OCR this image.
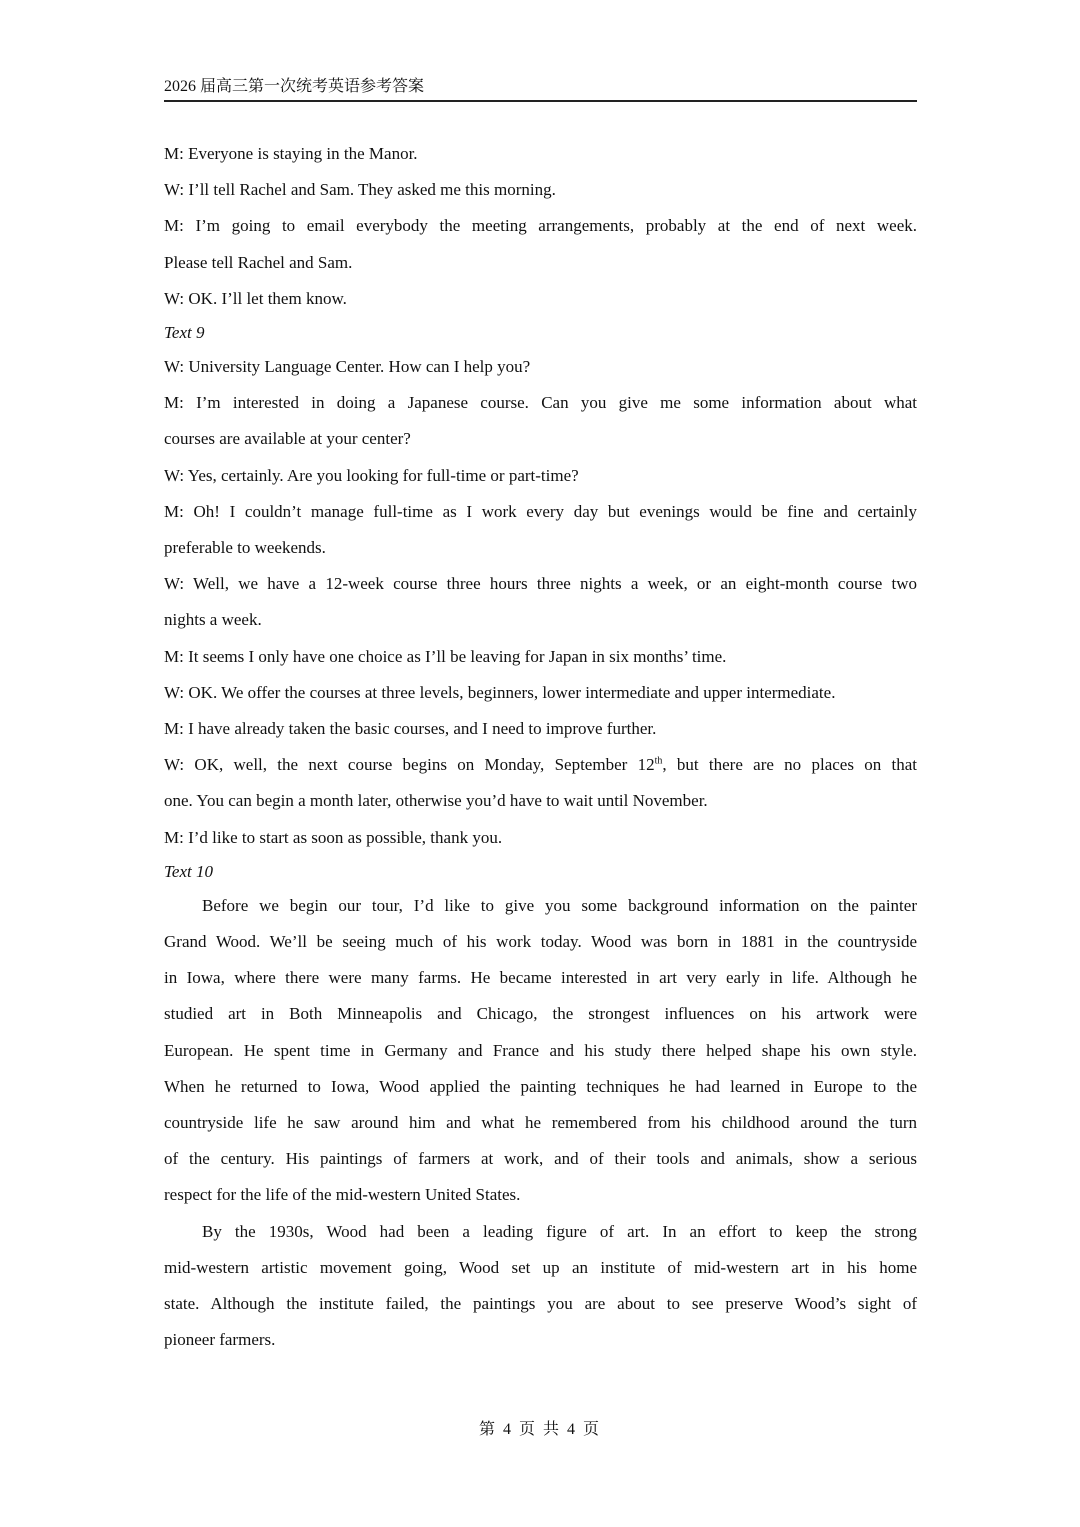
2026 届高三第一次统考英语参考答案
M: Everyone is staying in the Manor.
W: I’ll tell Rachel and Sam. They asked me this morning.
M: I’m going to email everybody the meeting arrangements, probably at the end of next week.
Please tell Rachel and Sam.
W: OK. I’ll let them know.
Text 9
W: University Language Center. How can I help you?
M: I’m interested in doing a Japanese course. Can you give me some information about what
courses are available at your center?
W: Yes, certainly. Are you looking for full-time or part-time?
M: Oh! I couldn’t manage full-time as I work every day but evenings would be fine and certainly
preferable to weekends.
W: Well, we have a 12-week course three hours three nights a week, or an eight-month course two
nights a week.
M: It seems I only have one choice as I’ll be leaving for Japan in six months’ time.
W: OK. We offer the courses at three levels, beginners, lower intermediate and upper intermediate.
M: I have already taken the basic courses, and I need to improve further.
W: OK, well, the next course begins on Monday, September 12th, but there are no places on that
one. You can begin a month later, otherwise you’d have to wait until November.
M: I’d like to start as soon as possible, thank you.
Text 10
Before we begin our tour, I’d like to give you some background information on the painter
Grand Wood. We’ll be seeing much of his work today. Wood was born in 1881 in the countryside
in Iowa, where there were many farms. He became interested in art very early in life. Although he
studied art in Both Minneapolis and Chicago, the strongest influences on his artwork were
European. He spent time in Germany and France and his study there helped shape his own style.
When he returned to Iowa, Wood applied the painting techniques he had learned in Europe to the
countryside life he saw around him and what he remembered from his childhood around the turn
of the century. His paintings of farmers at work, and of their tools and animals, show a serious
respect for the life of the mid-western United States.
By the 1930s, Wood had been a leading figure of art. In an effort to keep the strong
mid-western artistic movement going, Wood set up an institute of mid-western art in his home
state. Although the institute failed, the paintings you are about to see preserve Wood’s sight of
pioneer farmers.
第 4 页 共 4 页
